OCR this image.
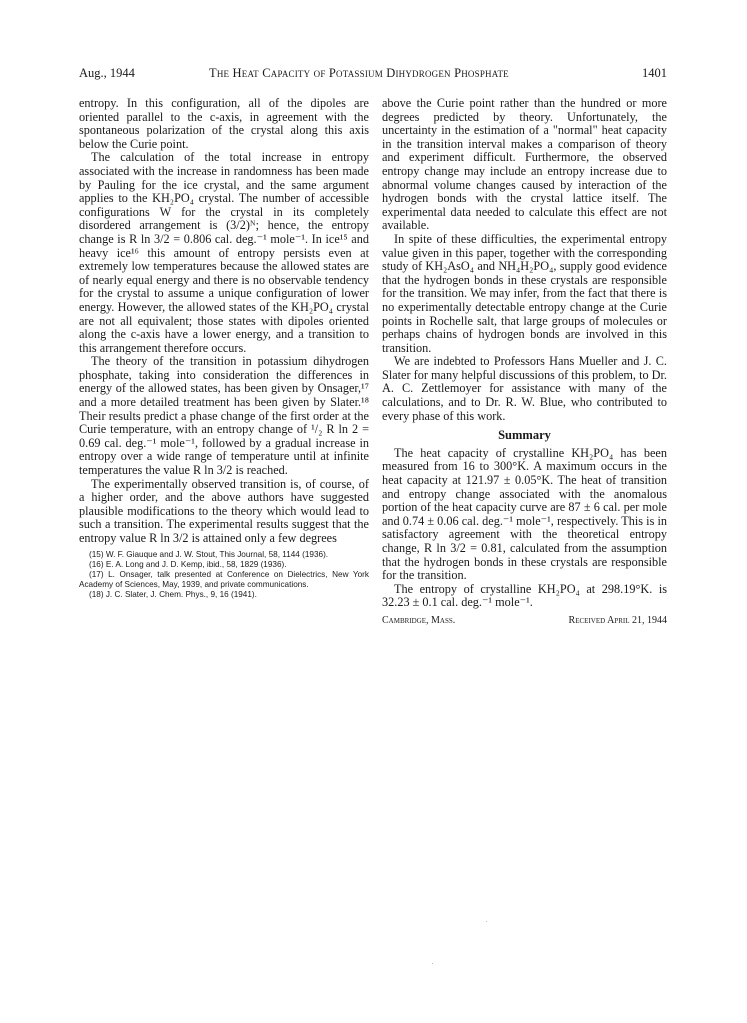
Aug., 1944	The Heat Capacity of Potassium Dihydrogen Phosphate	1401

entropy. In this configuration, all of the dipoles are oriented parallel to the c-axis, in agreement with the spontaneous polarization of the crystal along this axis below the Curie point.

The calculation of the total increase in entropy associated with the increase in randomness has been made by Pauling for the ice crystal, and the same argument applies to the KH₂PO₄ crystal. The number of accessible configurations W for the crystal in its completely disordered arrangement is (3/2)ᴺ; hence, the entropy change is R ln 3/2 = 0.806 cal. deg.⁻¹ mole⁻¹. In ice¹⁵ and heavy ice¹⁶ this amount of entropy persists even at extremely low temperatures because the allowed states are of nearly equal energy and there is no observable tendency for the crystal to assume a unique configuration of lower energy. However, the allowed states of the KH₂PO₄ crystal are not all equivalent; those states with dipoles oriented along the c-axis have a lower energy, and a transition to this arrangement therefore occurs.

The theory of the transition in potassium dihydrogen phosphate, taking into consideration the differences in energy of the allowed states, has been given by Onsager,¹⁷ and a more detailed treatment has been given by Slater.¹⁸ Their results predict a phase change of the first order at the Curie temperature, with an entropy change of ¹/₂ R ln 2 = 0.69 cal. deg.⁻¹ mole⁻¹, followed by a gradual increase in entropy over a wide range of temperature until at infinite temperatures the value R ln 3/2 is reached.

The experimentally observed transition is, of course, of a higher order, and the above authors have suggested plausible modifications to the theory which would lead to such a transition. The experimental results suggest that the entropy value R ln 3/2 is attained only a few degrees

(15) W. F. Giauque and J. W. Stout, This Journal, 58, 1144 (1936).

(16) E. A. Long and J. D. Kemp, ibid., 58, 1829 (1936).

(17) L. Onsager, talk presented at Conference on Dielectrics, New York Academy of Sciences, May, 1939, and private communications.

(18) J. C. Slater, J. Chem. Phys., 9, 16 (1941).

above the Curie point rather than the hundred or more degrees predicted by theory. Unfortunately, the uncertainty in the estimation of a "normal" heat capacity in the transition interval makes a comparison of theory and experiment difficult. Furthermore, the observed entropy change may include an entropy increase due to abnormal volume changes caused by interaction of the hydrogen bonds with the crystal lattice itself. The experimental data needed to calculate this effect are not available.

In spite of these difficulties, the experimental entropy value given in this paper, together with the corresponding study of KH₂AsO₄ and NH₄H₂PO₄, supply good evidence that the hydrogen bonds in these crystals are responsible for the transition. We may infer, from the fact that there is no experimentally detectable entropy change at the Curie points in Rochelle salt, that large groups of molecules or perhaps chains of hydrogen bonds are involved in this transition.

We are indebted to Professors Hans Mueller and J. C. Slater for many helpful discussions of this problem, to Dr. A. C. Zettlemoyer for assistance with many of the calculations, and to Dr. R. W. Blue, who contributed to every phase of this work.

Summary

The heat capacity of crystalline KH₂PO₄ has been measured from 16 to 300°K. A maximum occurs in the heat capacity at 121.97 ± 0.05°K. The heat of transition and entropy change associated with the anomalous portion of the heat capacity curve are 87 ± 6 cal. per mole and 0.74 ± 0.06 cal. deg.⁻¹ mole⁻¹, respectively. This is in satisfactory agreement with the theoretical entropy change, R ln 3/2 = 0.81, calculated from the assumption that the hydrogen bonds in these crystals are responsible for the transition.

The entropy of crystalline KH₂PO₄ at 298.19°K. is 32.23 ± 0.1 cal. deg.⁻¹ mole⁻¹.

Cambridge, Mass.	Received April 21, 1944
